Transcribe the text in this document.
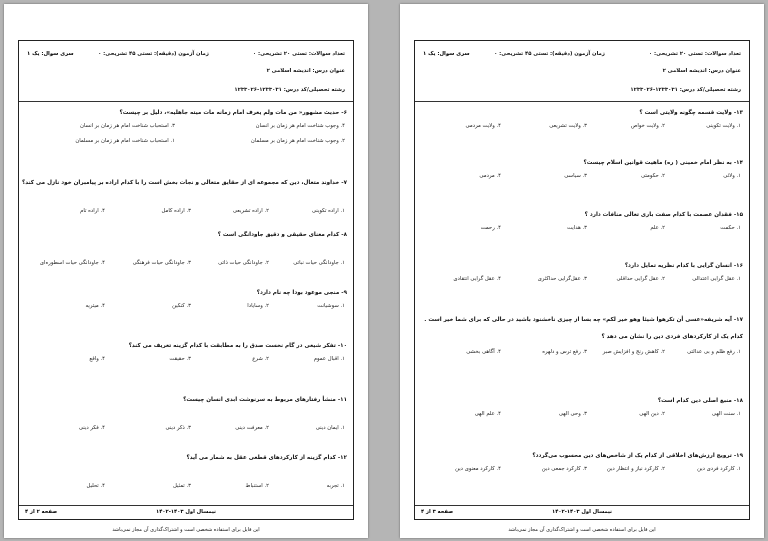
تعداد سوالات: تستی ۲۰ تشریحی: ۰زمان آزمون (دقیقه): تستی ۴۵ تشریحی: ۰
سری سوال: یک ۱
عنوان درس: اندیشه اسلامی ۲
رشته تحصیلی/کد درس: ۱۲۳۳۰۲۶-۱۲۳۳۰۳۱
۶- حدیث مشهور« من مات ولم یعرف امام زمانه مات میته جاهلیه»، دلیل بر چیست؟
۴. وجوب شناخت امام هر زمان بر انسان
۳. استحباب شناخت امام هر زمان بر انسان
۲. وجوب شناخت امام هر زمان بر مسلمان
۱. استحباب شناخت امام هر زمان بر مسلمان
۷- خداوند متعال، دین که مجموعه ای از حقایق متعالی و نجات بخش است را با کدام اراده بر پیامبران خود نازل می کند؟
۱. اراده تکوینی
۲. اراده تشریعی
۳. اراده کامل
۴. اراده تام
۸- کدام معنای حقیقی و دقیق جاودانگی است ؟
۱. جاودانگی حیات نباتی
۲. جاودانگی حیات ذاتی
۳. جاودانگی حیات فرهنگی
۴. جاودانگی حیات اسطوره‌ای
۹- منجی موعود بودا چه نام دارد؟
۱. سوشیانت
۲. وسایادا
۳. کنکین
۴. میتریه
۱۰- تفکر شیعی در گام نخست صدق را به مطابقت با کدام گزینه تعریف می کند؟
۱. اقبال عموم
۲. شرع
۳. حقیقت
۴. واقع
۱۱- منشأ رفتارهای مربوط به سرنوشت ابدی انسان چیست؟
۱. ایمان دینی
۲. معرفت دینی
۳. ذکر دینی
۴. فکر دینی
۱۲- کدام گزینه از کارکردهای قطعی عقل به شمار می آید؟
۱. تجربه
۲. استنباط
۳. تمثیل
۴. تحلیل
نیمسال اول ۱۴۰۳-۱۴۰۲
صفحه ۲ از ۴
این فایل برای استفاده شخصی است و اشتراک‌گذاری آن مجاز نمی‌باشد
تعداد سوالات: تستی ۲۰ تشریحی: ۰زمان آزمون (دقیقه): تستی ۴۵ تشریحی: ۰
سری سوال: یک ۱
عنوان درس: اندیشه اسلامی ۲
رشته تحصیلی/کد درس: ۱۲۳۳۰۲۶-۱۲۳۳۰۳۱
۱۳- ولایت قسمه چگونه ولایتی است ؟
۱. ولایت تکوینی
۲. ولایت خواص
۳. ولایت تشریعی
۴. ولایت مردمی
۱۴- به نظر امام خمینی ( ره) ماهیت قوانین اسلام چیست؟
۱. ولائی
۲. حکومتی
۳. سیاسی
۴. مردمی
۱۵- فقدان عصمت با کدام صفت باری تعالی منافات دارد ؟
۱. حکمت
۲. علم
۳. هدایت
۴. رحمت
۱۶- انسان گرایی با کدام نظریه تمایل دارد؟
۱. عقل گرایی اعتدالی
۲. عقل گرایی حداقلی
۳. عقل‌گرایی حداکثری
۴. عقل گرایی انتقادی
۱۷- آیه شریفه«عسی أن تکرهوا شیئا وهو خیر لکم» چه بسا از چیزی ناخشنود باشید در حالی که برای شما خیر است .
کدام یک از کارکردهای فردی دین را نشان می دهد ؟
۱. رفع ظلم و بی عدالتی
۲. کاهش رنج و افزایش صبر
۳. رفع ترس و دلهره
۴. آگاهی بخشی
۱۸- منبع اصلی دین کدام است؟
۱. سنت الهی
۲. دین الهی
۳. وحی الهی
۴. علم الهی
۱۹- ترویج ارزش‌های اخلاقی از کدام یک از شاخص‌های دین محسوب می‌گردد؟
۱. کارکرد فردی دین
۲. کارکرد نیاز و انتظار دین
۳. کارکرد جمعی دین
۴. کارکرد معنوی دین
نیمسال اول ۱۴۰۳-۱۴۰۲
صفحه ۳ از ۴
این فایل برای استفاده شخصی است و اشتراک‌گذاری آن مجاز نمی‌باشد
